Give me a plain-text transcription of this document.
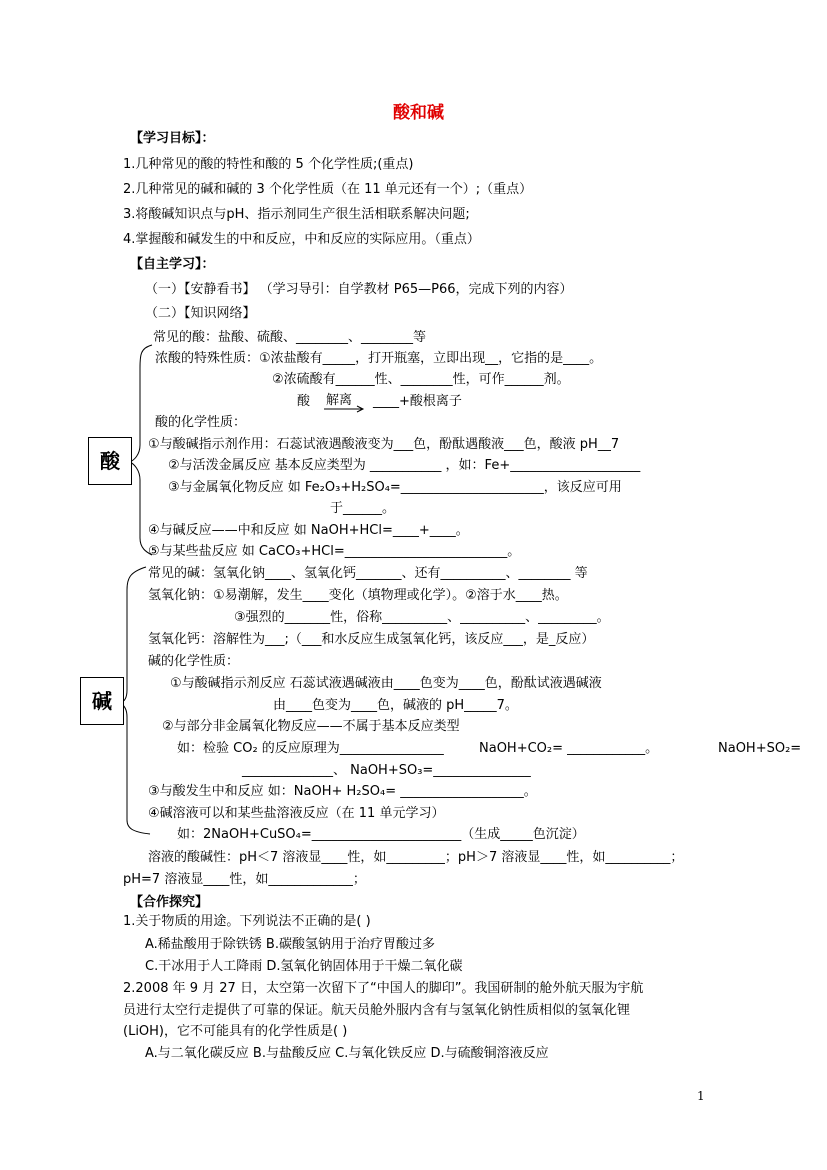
酸和碱
【学习目标】：
1.几种常见的酸的特性和酸的 5 个化学性质;(重点)
2.几种常见的碱和碱的 3 个化学性质（在 11 单元还有一个）;（重点）
3.将酸碱知识点与pH、指示剂同生产很生活相联系解决问题;
4.掌握酸和碱发生的中和反应，中和反应的实际应用。（重点）
【自主学习】：
（一）【安静看书】 （学习导引：自学教材 P65—P66，完成下列的内容）
（二）【知识网络】
酸
常见的酸：盐酸、硫酸、________、________等
浓酸的特殊性质：①浓盐酸有_____，打开瓶塞，立即出现__，它指的是____。
②浓硫酸有______性、________性，可作______剂。
酸 解离 ____+酸根离子
酸的化学性质：
①与酸碱指示剂作用：石蕊试液遇酸液变为___色，酚酞遇酸液___色，酸液 pH__7
②与活泼金属反应 基本反应类型为 ___________ ，如：Fe+____________________
③与金属氧化物反应 如 Fe₂O₃+H₂SO₄=______________________，该反应可用
于______。
④与碱反应——中和反应 如 NaOH+HCl=____+____。
⑤与某些盐反应 如 CaCO₃+HCl=_________________________。
碱
常见的碱：氢氧化钠____、氢氧化钙_______、还有__________、________ 等
氢氧化钠：①易潮解，发生____变化（填物理或化学）。②溶于水____热。
③强烈的_______性，俗称__________、__________、_________。
氢氧化钙：溶解性为___;（___和水反应生成氢氧化钙，该反应___，是_反应）
碱的化学性质：
①与酸碱指示剂反应 石蕊试液遇碱液由____色变为____色，酚酞试液遇碱液
由____色变为____色，碱液的 pH_____7。
②与部分非金属氧化物反应——不属于基本反应类型
如：检验 CO₂ 的反应原理为________________	NaOH+CO₂= ____________。	NaOH+SO₂=
______________、 NaOH+SO₃=_______________
③与酸发生中和反应 如：NaOH+ H₂SO₄= ___________________。
④碱溶液可以和某些盐溶液反应（在 11 单元学习）
如：2NaOH+CuSO₄=_______________________（生成_____色沉淀）
溶液的酸碱性：pH＜7 溶液显____性，如_________；pH＞7 溶液显____性，如__________；
pH=7 溶液显____性，如_____________；
【合作探究】
1.关于物质的用途。下列说法不正确的是( )
A.稀盐酸用于除铁锈 B.碳酸氢钠用于治疗胃酸过多
C.干冰用于人工降雨 D.氢氧化钠固体用于干燥二氧化碳
2.2008 年 9 月 27 日，太空第一次留下了“中国人的脚印”。我国研制的舱外航天服为宇航
员进行太空行走提供了可靠的保证。航天员舱外服内含有与氢氧化钠性质相似的氢氧化锂
(LiOH)，它不可能具有的化学性质是( )
A.与二氧化碳反应 B.与盐酸反应 C.与氧化铁反应 D.与硫酸铜溶液反应
1
